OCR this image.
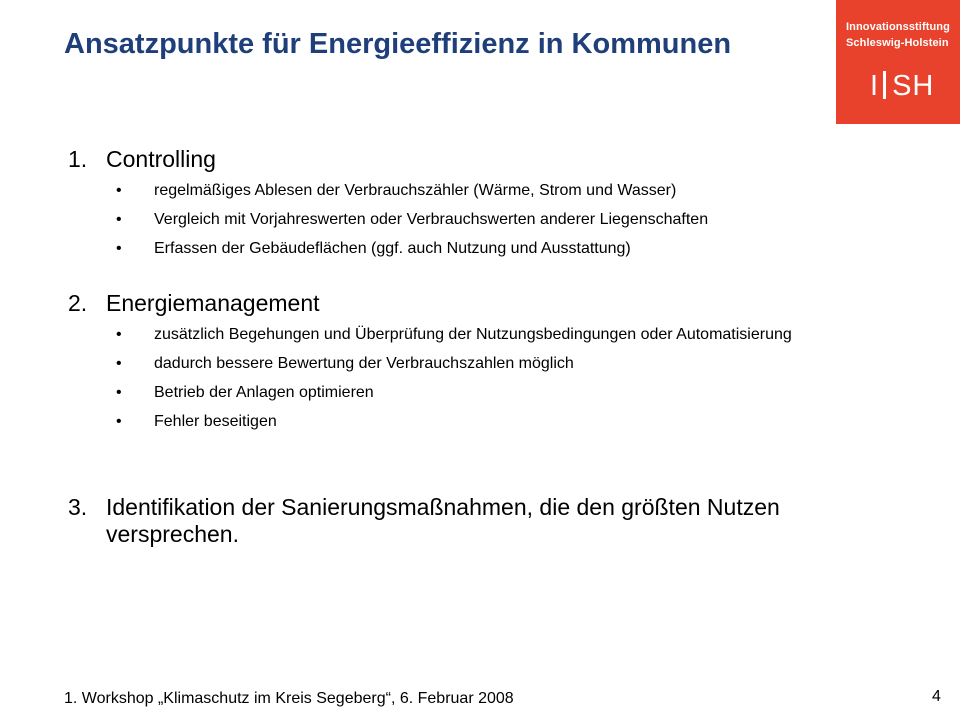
Ansatzpunkte für Energieeffizienz in Kommunen
Innovationsstiftung
Schleswig-Holstein
I SH
1. Controlling
• regelmäßiges Ablesen der Verbrauchszähler (Wärme, Strom und Wasser)
• Vergleich mit Vorjahreswerten oder Verbrauchswerten anderer Liegenschaften
• Erfassen der Gebäudeflächen (ggf. auch Nutzung und Ausstattung)
2. Energiemanagement
• zusätzlich Begehungen und Überprüfung der Nutzungsbedingungen oder Automatisierung
• dadurch bessere Bewertung der Verbrauchszahlen möglich
• Betrieb der Anlagen optimieren
• Fehler beseitigen
3. Identifikation der Sanierungsmaßnahmen, die den größten Nutzen versprechen.
1. Workshop „Klimaschutz im Kreis Segeberg“, 6. Februar 2008	4
